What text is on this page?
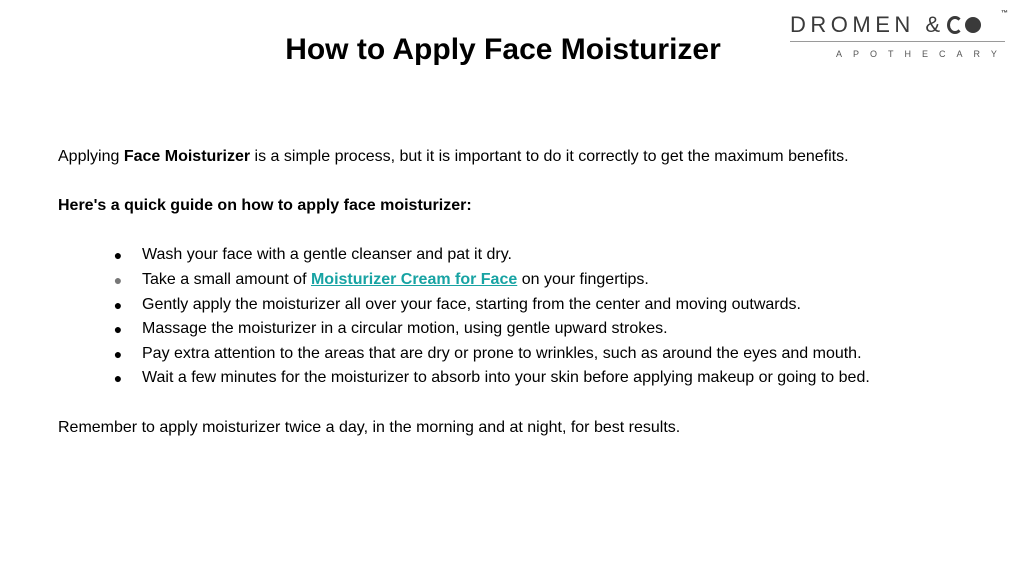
How to Apply Face Moisturizer
DROMEN &	™
APOTHECARY

Applying Face Moisturizer is a simple process, but it is important to do it correctly to get the maximum benefits.

Here's a quick guide on how to apply face moisturizer:

●	Wash your face with a gentle cleanser and pat it dry.
●	Take a small amount of Moisturizer Cream for Face on your fingertips.
●	Gently apply the moisturizer all over your face, starting from the center and moving outwards.
●	Massage the moisturizer in a circular motion, using gentle upward strokes.
●	Pay extra attention to the areas that are dry or prone to wrinkles, such as around the eyes and mouth.
●	Wait a few minutes for the moisturizer to absorb into your skin before applying makeup or going to bed.

Remember to apply moisturizer twice a day, in the morning and at night, for best results.
